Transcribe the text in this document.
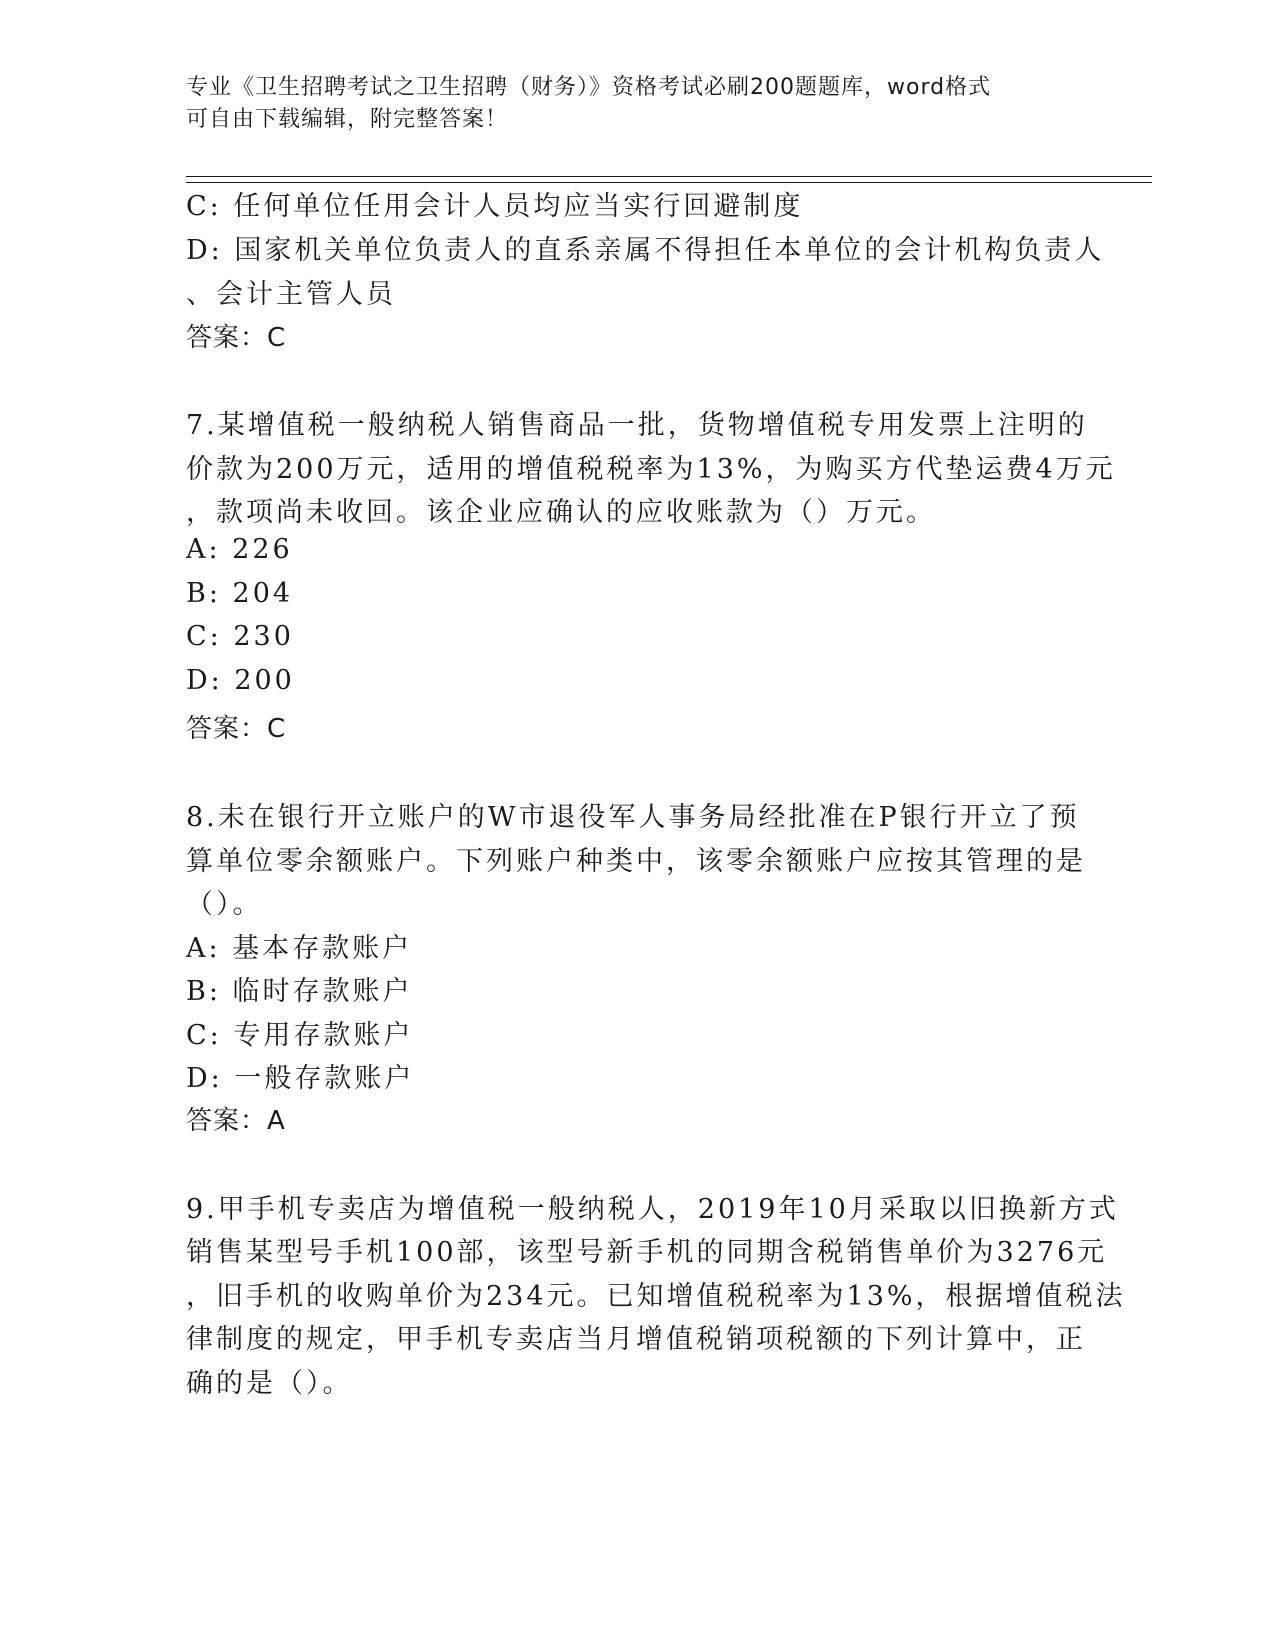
专业《卫生招聘考试之卫生招聘（财务）》资格考试必刷200题题库，word格式
可自由下载编辑，附完整答案！
C: 任何单位任用会计人员均应当实行回避制度
D: 国家机关单位负责人的直系亲属不得担任本单位的会计机构负责人
、会计主管人员
答案：C
7.某增值税一般纳税人销售商品一批，货物增值税专用发票上注明的
价款为200万元，适用的增值税税率为13%，为购买方代垫运费4万元
，款项尚未收回。该企业应确认的应收账款为（）万元。
A: 226
B: 204
C: 230
D: 200
答案：C
8.未在银行开立账户的W市退役军人事务局经批准在P银行开立了预
算单位零余额账户。下列账户种类中，该零余额账户应按其管理的是
（）。
A: 基本存款账户
B: 临时存款账户
C: 专用存款账户
D: 一般存款账户
答案：A
9.甲手机专卖店为增值税一般纳税人，2019年10月采取以旧换新方式
销售某型号手机100部，该型号新手机的同期含税销售单价为3276元
，旧手机的收购单价为234元。已知增值税税率为13%，根据增值税法
律制度的规定，甲手机专卖店当月增值税销项税额的下列计算中，正
确的是（）。
